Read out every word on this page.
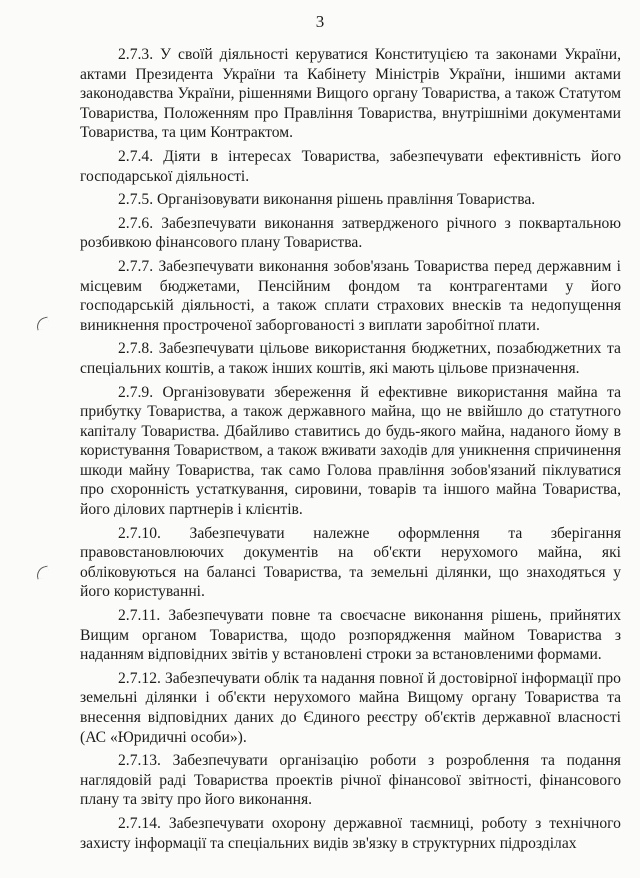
3

2.7.3. У своїй діяльності керуватися Конституцією та законами України, актами Президента України та Кабінету Міністрів України, іншими актами законодавства України, рішеннями Вищого органу Товариства, а також Статутом Товариства, Положенням про Правління Товариства, внутрішніми документами Товариства, та цим Контрактом.

2.7.4. Діяти в інтересах Товариства, забезпечувати ефективність його господарської діяльності.

2.7.5. Організовувати виконання рішень правління Товариства.

2.7.6. Забезпечувати виконання затвердженого річного з поквартальною розбивкою фінансового плану Товариства.

2.7.7. Забезпечувати виконання зобов'язань Товариства перед державним і місцевим бюджетами, Пенсійним фондом та контрагентами у його господарській діяльності, а також сплати страхових внесків та недопущення виникнення простроченої заборгованості з виплати заробітної плати.

2.7.8. Забезпечувати цільове використання бюджетних, позабюджетних та спеціальних коштів, а також інших коштів, які мають цільове призначення.

2.7.9. Організовувати збереження й ефективне використання майна та прибутку Товариства, а також державного майна, що не ввійшло до статутного капіталу Товариства. Дбайливо ставитись до будь-якого майна, наданого йому в користування Товариством, а також вживати заходів для уникнення спричинення шкоди майну Товариства, так само Голова правління зобов'язаний піклуватися про схоронність устаткування, сировини, товарів та іншого майна Товариства, його ділових партнерів і клієнтів.

2.7.10. Забезпечувати належне оформлення та зберігання правовстановлюючих документів на об'єкти нерухомого майна, які обліковуються на балансі Товариства, та земельні ділянки, що знаходяться у його користуванні.

2.7.11. Забезпечувати повне та своєчасне виконання рішень, прийнятих Вищим органом Товариства, щодо розпорядження майном Товариства з наданням відповідних звітів у встановлені строки за встановленими формами.

2.7.12. Забезпечувати облік та надання повної й достовірної інформації про земельні ділянки і об'єкти нерухомого майна Вищому органу Товариства та внесення відповідних даних до Єдиного реєстру об'єктів державної власності (АС «Юридичні особи»).

2.7.13. Забезпечувати організацію роботи з розроблення та подання наглядовій раді Товариства проектів річної фінансової звітності, фінансового плану та звіту про його виконання.

2.7.14. Забезпечувати охорону державної таємниці, роботу з технічного захисту інформації та спеціальних видів зв'язку в структурних підрозділах
